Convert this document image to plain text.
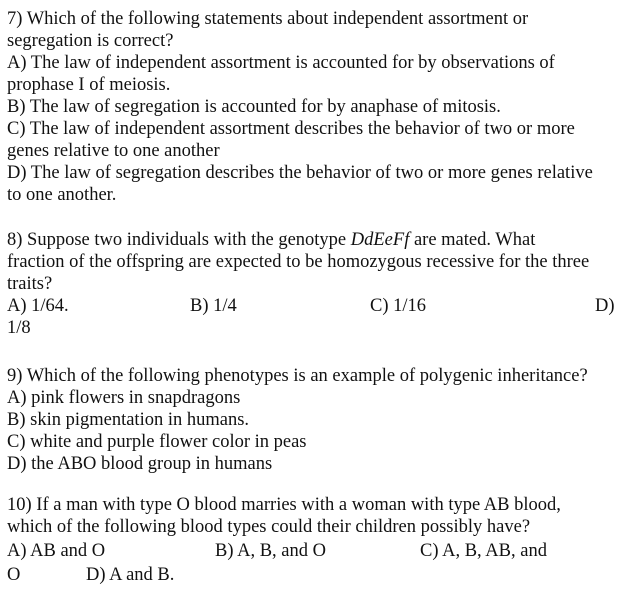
7) Which of the following statements about independent assortment or
segregation is correct?
A) The law of independent assortment is accounted for by observations of
prophase I of meiosis.
B) The law of segregation is accounted for by anaphase of mitosis.
C) The law of independent assortment describes the behavior of two or more
genes relative to one another
D) The law of segregation describes the behavior of two or more genes relative
to one another.
8) Suppose two individuals with the genotype DdEeFf are mated. What
fraction of the offspring are expected to be homozygous recessive for the three
traits?
A) 1/64.	B) 1/4	C) 1/16	D)
1/8
9) Which of the following phenotypes is an example of polygenic inheritance?
A) pink flowers in snapdragons
B) skin pigmentation in humans.
C) white and purple flower color in peas
D) the ABO blood group in humans
10) If a man with type O blood marries with a woman with type AB blood,
which of the following blood types could their children possibly have?
A) AB and O	B) A, B, and O	C) A, B, AB, and
O	D) A and B.
